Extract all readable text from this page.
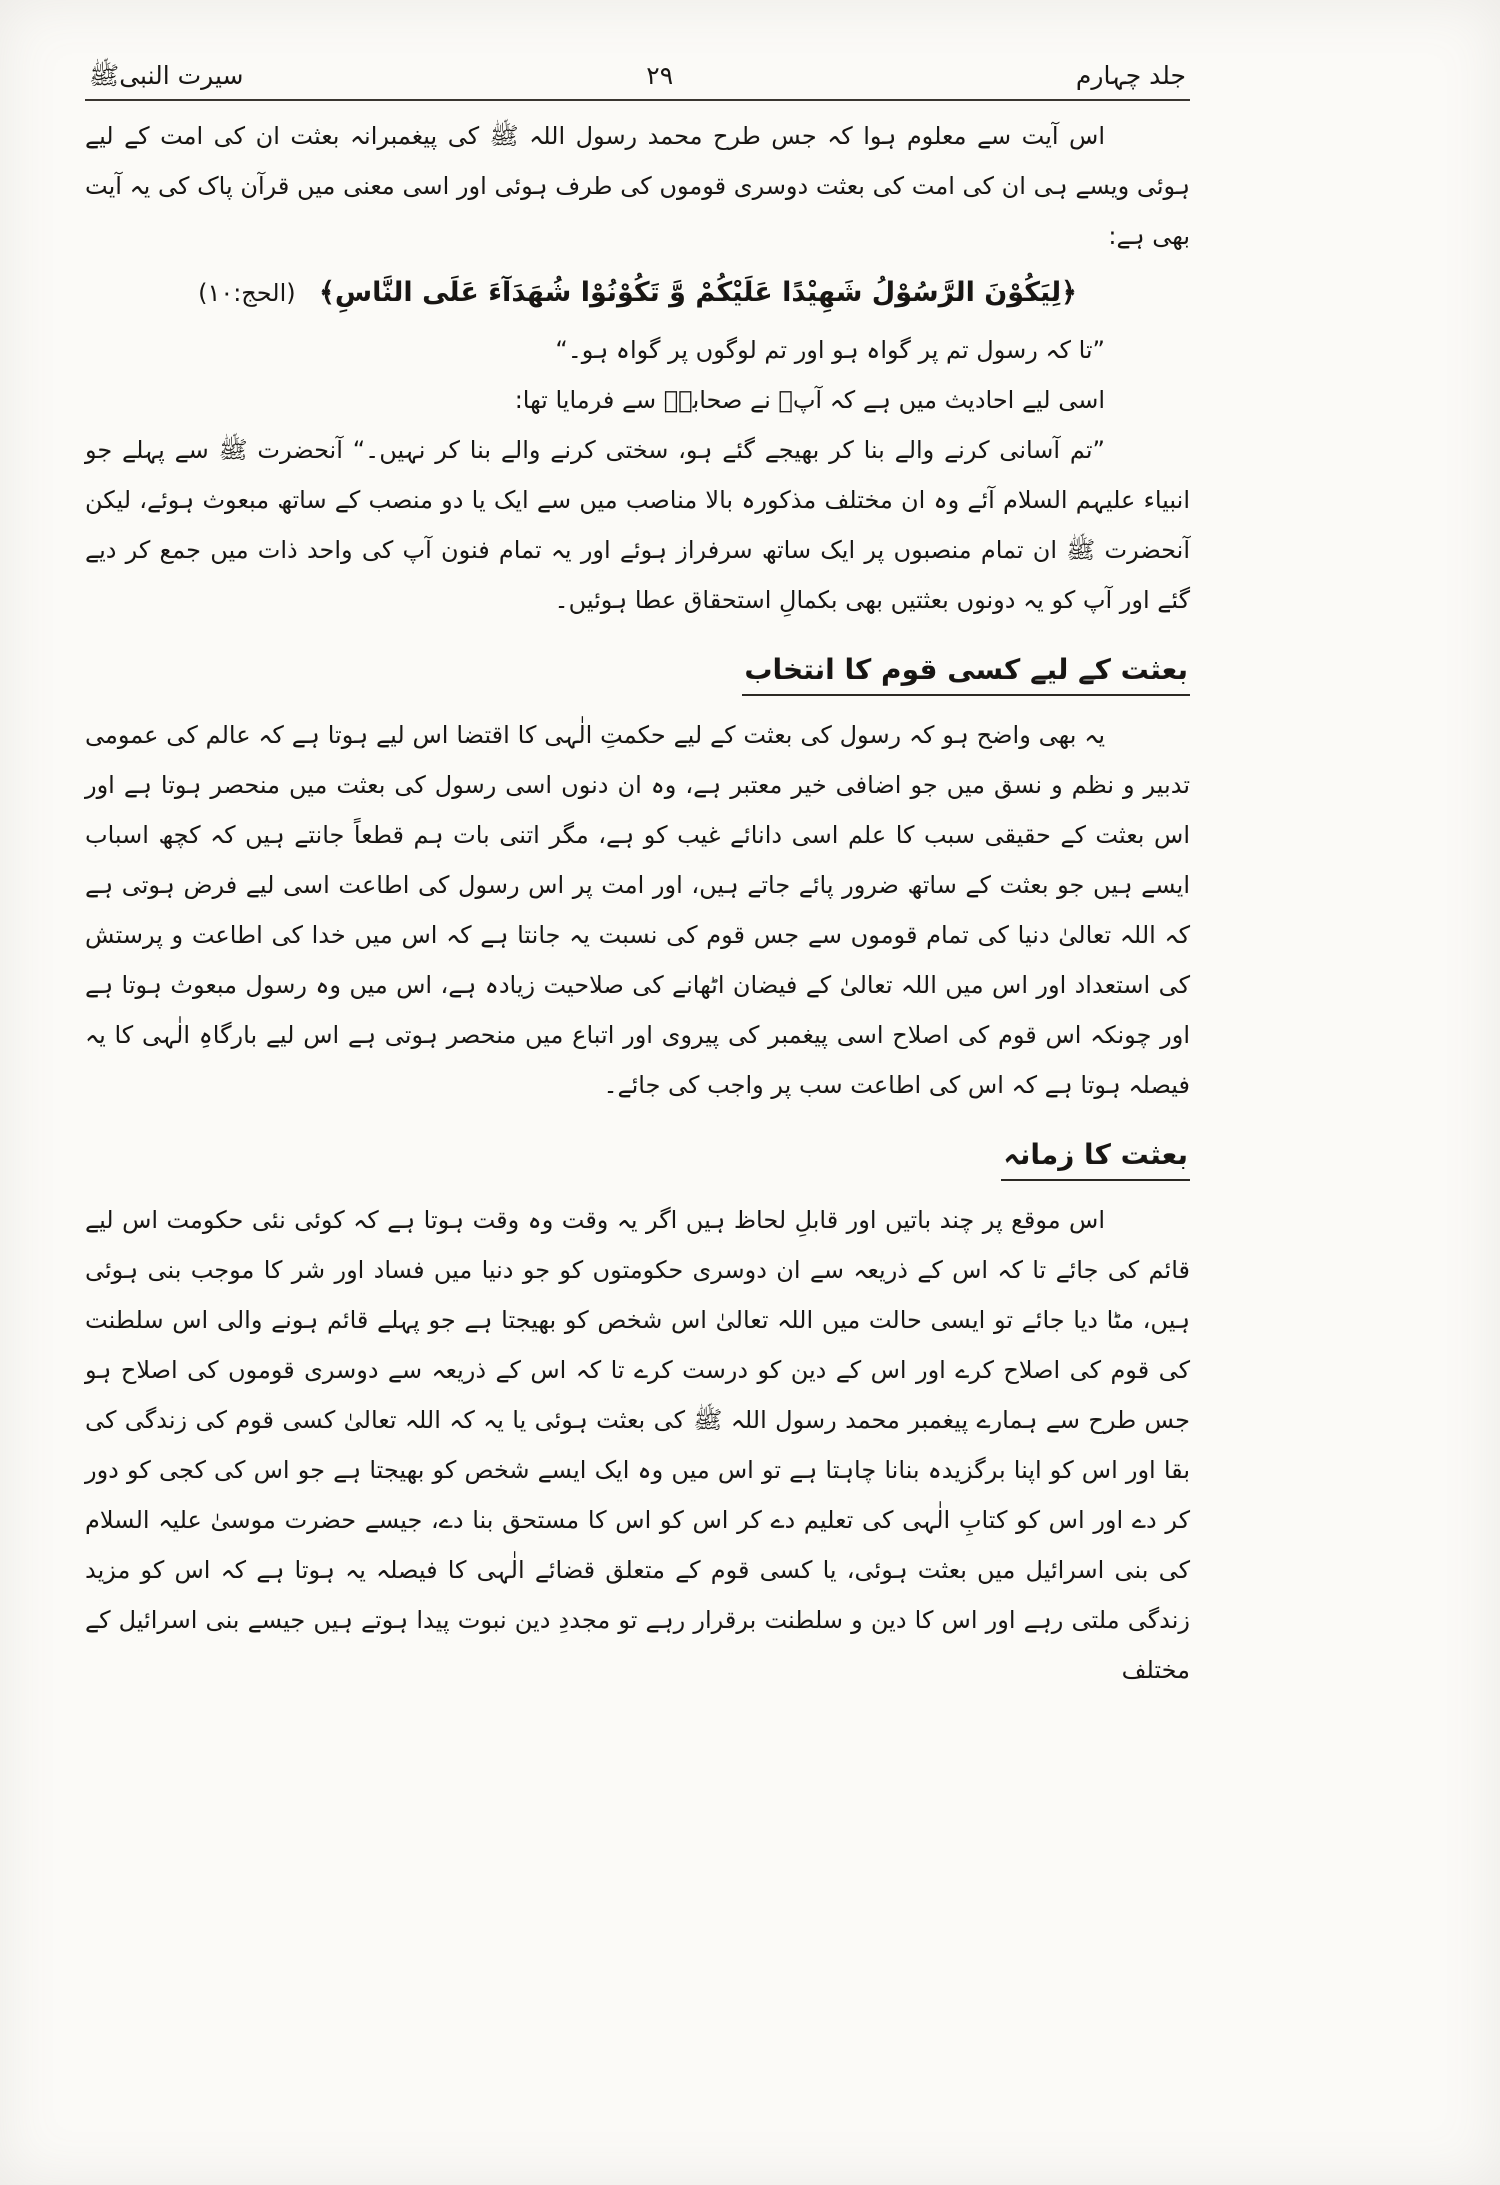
جلد چہارم
۲۹
سیرت النبیﷺ

اس آیت سے معلوم ہوا کہ جس طرح محمد رسول اللہ ﷺ کی پیغمبرانہ بعثت ان کی امت کے لیے ہوئی ویسے ہی ان کی امت کی بعثت دوسری قوموں کی طرف ہوئی اور اسی معنی میں قرآن پاک کی یہ آیت بھی ہے:

﴿لِیَکُوْنَ الرَّسُوْلُ شَهِیْدًا عَلَیْکُمْ وَّ تَکُوْنُوْا شُهَدَآءَ عَلَی النَّاسِ﴾ (الحج:۱۰)

”تا کہ رسول تم پر گواہ ہو اور تم لوگوں پر گواہ ہو۔“

اسی لیے احادیث میں ہے کہ آپؐ نے صحابہؓ سے فرمایا تھا:

”تم آسانی کرنے والے بنا کر بھیجے گئے ہو، سختی کرنے والے بنا کر نہیں۔“ آنحضرت ﷺ سے پہلے جو انبیاء علیہم السلام آئے وہ ان مختلف مذکورہ بالا مناصب میں سے ایک یا دو منصب کے ساتھ مبعوث ہوئے، لیکن آنحضرت ﷺ ان تمام منصبوں پر ایک ساتھ سرفراز ہوئے اور یہ تمام فنون آپ کی واحد ذات میں جمع کر دیے گئے اور آپ کو یہ دونوں بعثتیں بھی بکمالِ استحقاق عطا ہوئیں۔

بعثت کے لیے کسی قوم کا انتخاب

یہ بھی واضح ہو کہ رسول کی بعثت کے لیے حکمتِ الٰہی کا اقتضا اس لیے ہوتا ہے کہ عالم کی عمومی تدبیر و نظم و نسق میں جو اضافی خیر معتبر ہے، وہ ان دنوں اسی رسول کی بعثت میں منحصر ہوتا ہے اور اس بعثت کے حقیقی سبب کا علم اسی دانائے غیب کو ہے، مگر اتنی بات ہم قطعاً جانتے ہیں کہ کچھ اسباب ایسے ہیں جو بعثت کے ساتھ ضرور پائے جاتے ہیں، اور امت پر اس رسول کی اطاعت اسی لیے فرض ہوتی ہے کہ اللہ تعالیٰ دنیا کی تمام قوموں سے جس قوم کی نسبت یہ جانتا ہے کہ اس میں خدا کی اطاعت و پرستش کی استعداد اور اس میں اللہ تعالیٰ کے فیضان اٹھانے کی صلاحیت زیادہ ہے، اس میں وہ رسول مبعوث ہوتا ہے اور چونکہ اس قوم کی اصلاح اسی پیغمبر کی پیروی اور اتباع میں منحصر ہوتی ہے اس لیے بارگاہِ الٰہی کا یہ فیصلہ ہوتا ہے کہ اس کی اطاعت سب پر واجب کی جائے۔

بعثت کا زمانہ

اس موقع پر چند باتیں اور قابلِ لحاظ ہیں اگر یہ وقت وہ وقت ہوتا ہے کہ کوئی نئی حکومت اس لیے قائم کی جائے تا کہ اس کے ذریعہ سے ان دوسری حکومتوں کو جو دنیا میں فساد اور شر کا موجب بنی ہوئی ہیں، مٹا دیا جائے تو ایسی حالت میں اللہ تعالیٰ اس شخص کو بھیجتا ہے جو پہلے قائم ہونے والی اس سلطنت کی قوم کی اصلاح کرے اور اس کے دین کو درست کرے تا کہ اس کے ذریعہ سے دوسری قوموں کی اصلاح ہو جس طرح سے ہمارے پیغمبر محمد رسول اللہ ﷺ کی بعثت ہوئی یا یہ کہ اللہ تعالیٰ کسی قوم کی زندگی کی بقا اور اس کو اپنا برگزیدہ بنانا چاہتا ہے تو اس میں وہ ایک ایسے شخص کو بھیجتا ہے جو اس کی کجی کو دور کر دے اور اس کو کتابِ الٰہی کی تعلیم دے کر اس کو اس کا مستحق بنا دے، جیسے حضرت موسیٰ علیہ السلام کی بنی اسرائیل میں بعثت ہوئی، یا کسی قوم کے متعلق قضائے الٰہی کا فیصلہ یہ ہوتا ہے کہ اس کو مزید زندگی ملتی رہے اور اس کا دین و سلطنت برقرار رہے تو مجددِ دین نبوت پیدا ہوتے ہیں جیسے بنی اسرائیل کے مختلف
